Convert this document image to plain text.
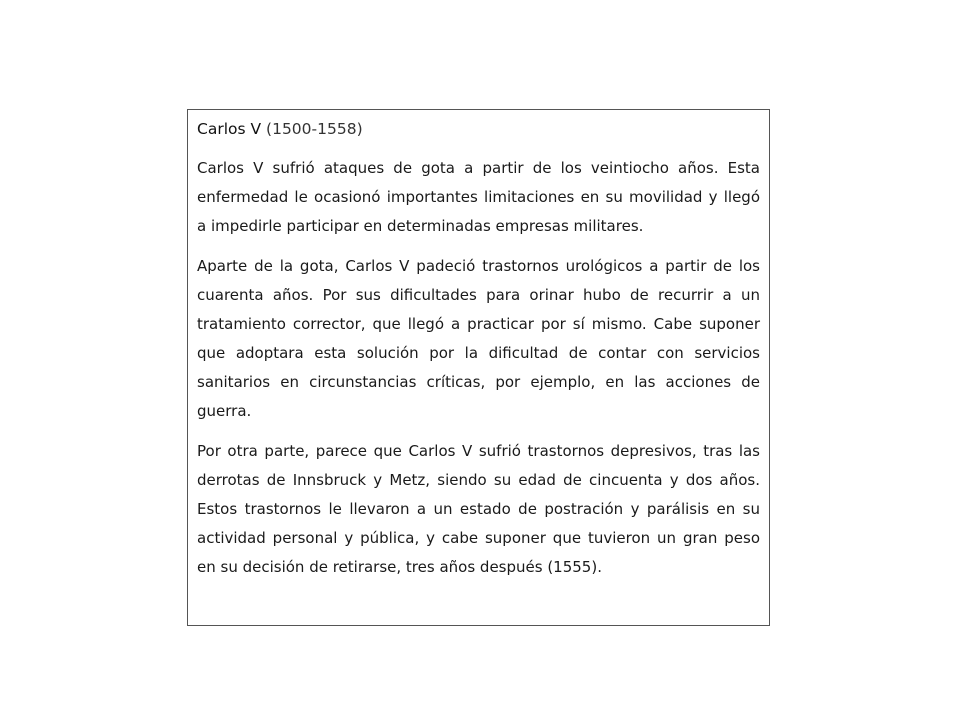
Carlos V (1500-1558)

Carlos V sufrió ataques de gota a partir de los veintiocho años. Esta enfermedad le ocasionó importantes limitaciones en su movilidad y llegó a impedirle participar en determinadas empresas militares.

Aparte de la gota, Carlos V padeció trastornos urológicos a partir de los cuarenta años. Por sus dificultades para orinar hubo de recurrir a un tratamiento corrector, que llegó a practicar por sí mismo. Cabe suponer que adoptara esta solución por la dificultad de contar con servicios sanitarios en circunstancias críticas, por ejemplo, en las acciones de guerra.

Por otra parte, parece que Carlos V sufrió trastornos depresivos, tras las derrotas de Innsbruck y Metz, siendo su edad de cincuenta y dos años. Estos trastornos le llevaron a un estado de postración y parálisis en su actividad personal y pública, y cabe suponer que tuvieron un gran peso en su decisión de retirarse, tres años después (1555).
